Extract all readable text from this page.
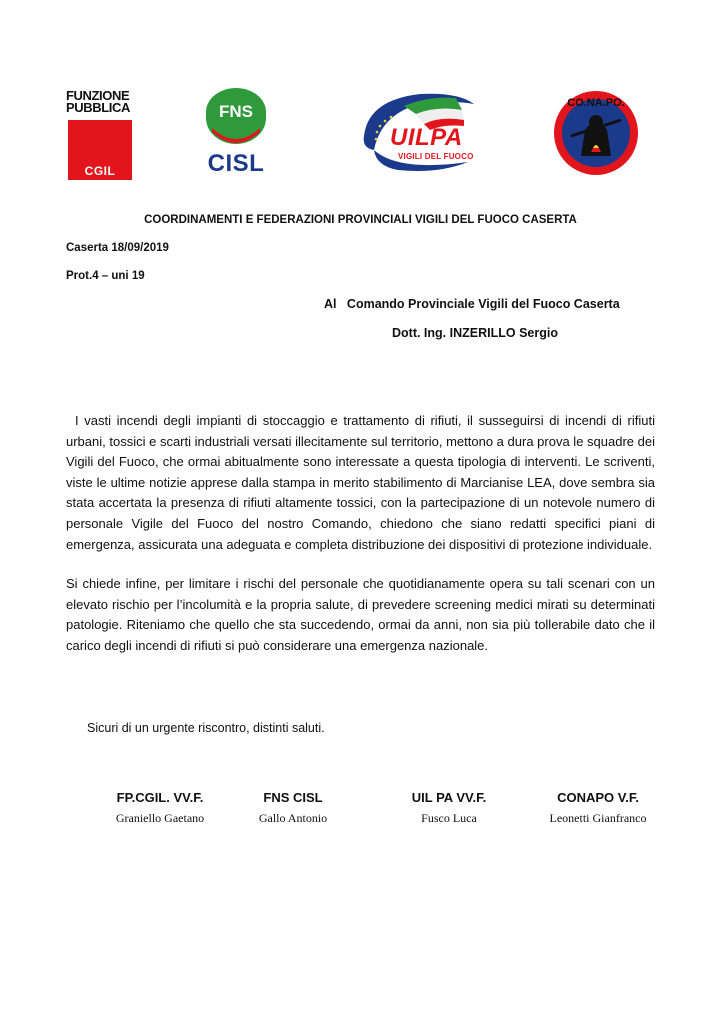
FUNZIONE
PUBBLICA
CGIL
FNS
CISL
UILPA
VIGILI DEL FUOCO
CO.NA.PO.
COORDINAMENTI E FEDERAZIONI PROVINCIALI VIGILI DEL FUOCO CASERTA
Caserta 18/09/2019
Prot.4 – uni 19
Al   Comando Provinciale Vigili del Fuoco Caserta
Dott. Ing. INZERILLO Sergio
I vasti incendi degli impianti di stoccaggio e trattamento di rifiuti, il susseguirsi di incendi di rifiuti urbani, tossici e scarti industriali versati illecitamente sul territorio, mettono a dura prova le squadre dei Vigili del Fuoco, che ormai abitualmente sono interessate a questa tipologia di interventi. Le scriventi, viste le ultime notizie apprese dalla stampa in merito stabilimento di Marcianise LEA, dove sembra sia stata accertata la presenza di rifiuti altamente tossici, con la partecipazione di un notevole numero di personale Vigile del Fuoco del nostro Comando, chiedono che siano redatti specifici piani di emergenza, assicurata una adeguata e completa distribuzione dei dispositivi di protezione individuale.
Si chiede infine, per limitare i rischi del personale che quotidianamente opera su tali scenari con un elevato rischio per l’incolumità e la propria salute, di prevedere screening medici mirati su determinati patologie. Riteniamo che quello che sta succedendo, ormai da anni, non sia più tollerabile dato che il carico degli incendi di rifiuti si può considerare una emergenza nazionale.
Sicuri di un urgente riscontro, distinti saluti.
FP.CGIL. VV.F.
Graniello Gaetano
FNS CISL
Gallo Antonio
UIL PA VV.F.
Fusco Luca
CONAPO V.F.
Leonetti Gianfranco
